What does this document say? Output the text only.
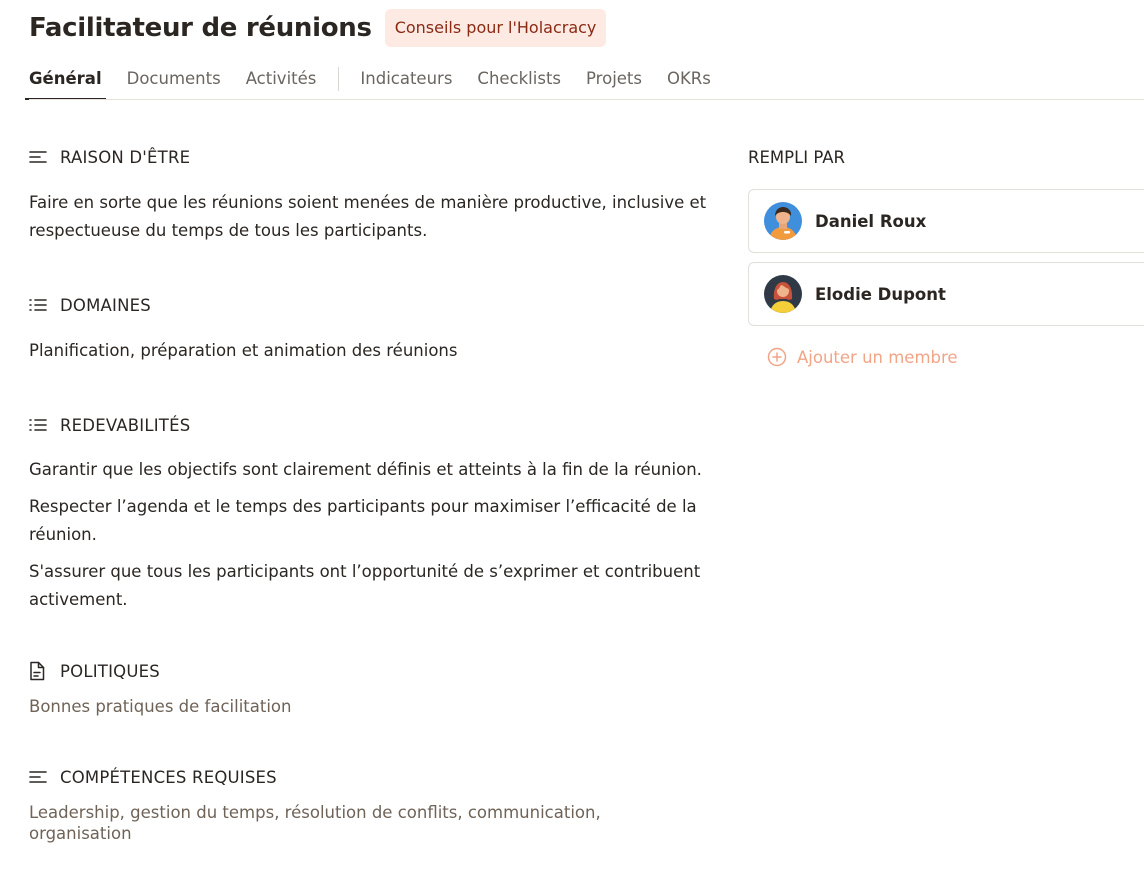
Facilitateur de réunions	Conseils pour l'Holacracy
Général Documents Activités	Indicateurs Checklists Projets OKRs
RAISON D'ÊTRE

Faire en sorte que les réunions soient menées de manière productive, inclusive et respectueuse du temps de tous les participants.

DOMAINES

Planification, préparation et animation des réunions

REDEVABILITÉS

Garantir que les objectifs sont clairement définis et atteints à la fin de la réunion.

Respecter l’agenda et le temps des participants pour maximiser l’efficacité de la réunion.

S'assurer que tous les participants ont l’opportunité de s’exprimer et contribuent activement.

POLITIQUES

Bonnes pratiques de facilitation

COMPÉTENCES REQUISES

Leadership, gestion du temps, résolution de conflits, communication, organisation

REMPLI PAR
Daniel Roux
Elodie Dupont
Ajouter un membre
